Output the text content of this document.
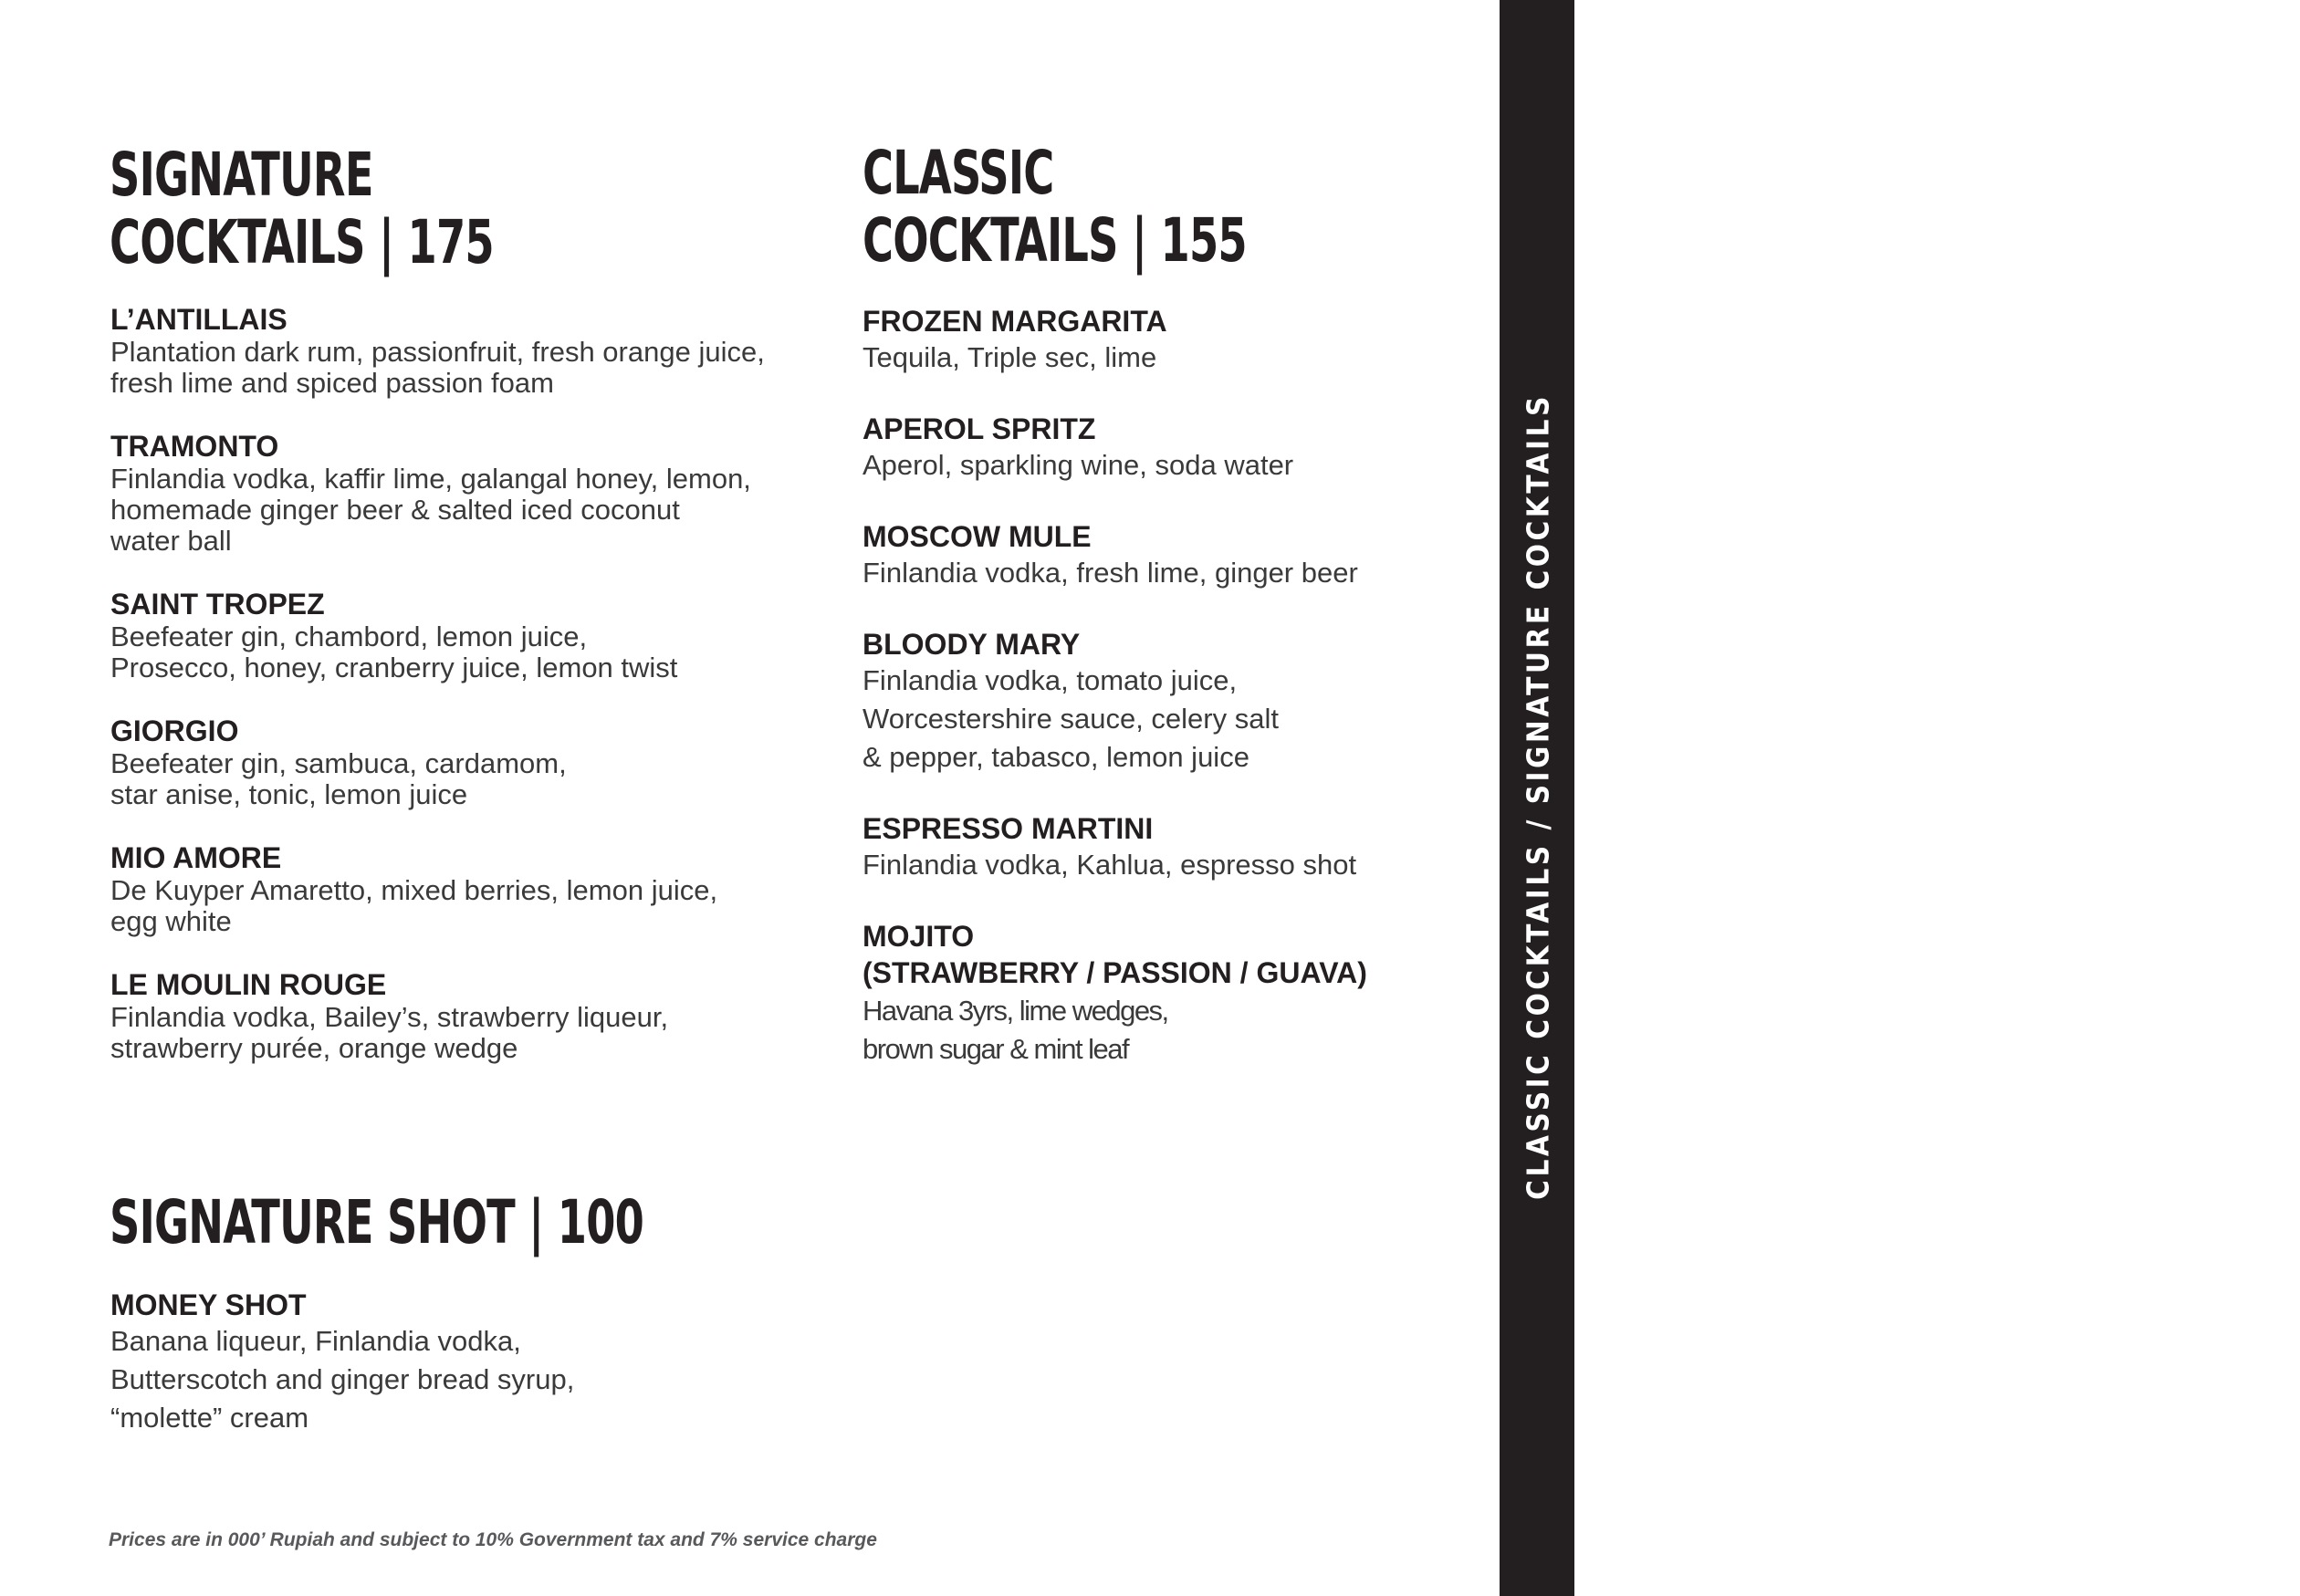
SIGNATURE
COCKTAILS | 175
L’ANTILLAIS
Plantation dark rum, passionfruit, fresh orange juice,
fresh lime and spiced passion foam
TRAMONTO
Finlandia vodka, kaffir lime, galangal honey, lemon,
homemade ginger beer & salted iced coconut
water ball
SAINT TROPEZ
Beefeater gin, chambord, lemon juice,
Prosecco, honey, cranberry juice, lemon twist
GIORGIO
Beefeater gin, sambuca, cardamom,
star anise, tonic, lemon juice
MIO AMORE
De Kuyper Amaretto, mixed berries, lemon juice,
egg white
LE MOULIN ROUGE
Finlandia vodka, Bailey’s, strawberry liqueur,
strawberry purée, orange wedge
CLASSIC
COCKTAILS | 155
FROZEN MARGARITA
Tequila, Triple sec, lime
APEROL SPRITZ
Aperol, sparkling wine, soda water
MOSCOW MULE
Finlandia vodka, fresh lime, ginger beer
BLOODY MARY
Finlandia vodka, tomato juice,
Worcestershire sauce, celery salt
& pepper, tabasco, lemon juice
ESPRESSO MARTINI
Finlandia vodka, Kahlua, espresso shot
MOJITO
(STRAWBERRY / PASSION / GUAVA)
Havana 3yrs, lime wedges,
brown sugar & mint leaf
SIGNATURE SHOT | 100
MONEY SHOT
Banana liqueur, Finlandia vodka,
Butterscotch and ginger bread syrup,
“molette” cream
Prices are in 000’ Rupiah and subject to 10% Government tax and 7% service charge
CLASSIC COCKTAILS / SIGNATURE COCKTAILS
